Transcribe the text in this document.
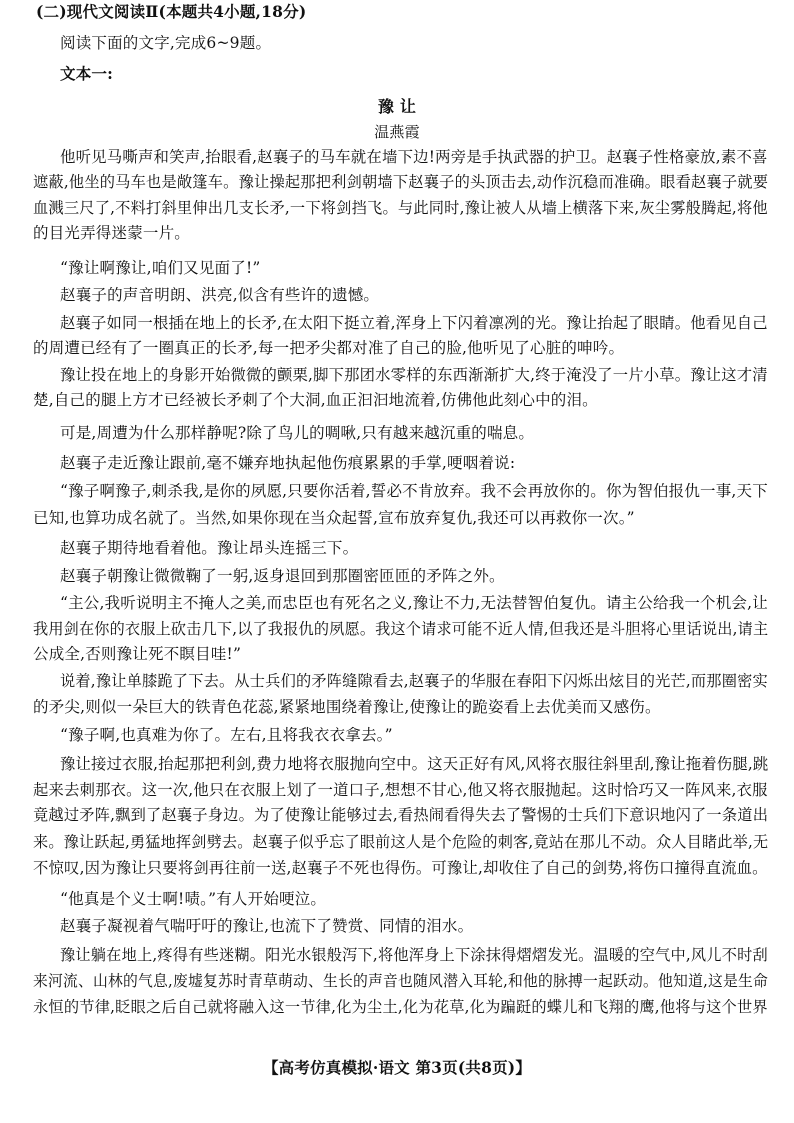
(二)现代文阅读Ⅱ(本题共4小题,18分)
阅读下面的文字,完成6~9题。
文本一:
豫 让
温燕霞
他听见马嘶声和笑声,抬眼看,赵襄子的马车就在墙下边!两旁是手执武器的护卫。赵襄子性格豪放,素不喜
遮蔽,他坐的马车也是敞篷车。豫让操起那把利剑朝墙下赵襄子的头顶击去,动作沉稳而准确。眼看赵襄子就要
血溅三尺了,不料打斜里伸出几支长矛,一下将剑挡飞。与此同时,豫让被人从墙上横落下来,灰尘雾般腾起,将他
的目光弄得迷蒙一片。
“豫让啊豫让,咱们又见面了!”
赵襄子的声音明朗、洪亮,似含有些许的遗憾。
赵襄子如同一根插在地上的长矛,在太阳下挺立着,浑身上下闪着凛冽的光。豫让抬起了眼睛。他看见自己
的周遭已经有了一圈真正的长矛,每一把矛尖都对准了自己的脸,他听见了心脏的呻吟。
豫让投在地上的身影开始微微的颤栗,脚下那团水零样的东西渐渐扩大,终于淹没了一片小草。豫让这才清
楚,自己的腿上方才已经被长矛刺了个大洞,血正汩汩地流着,仿佛他此刻心中的泪。
可是,周遭为什么那样静呢?除了鸟儿的啁啾,只有越来越沉重的喘息。
赵襄子走近豫让跟前,毫不嫌弃地执起他伤痕累累的手掌,哽咽着说:
“豫子啊豫子,刺杀我,是你的夙愿,只要你活着,誓必不肯放弃。我不会再放你的。你为智伯报仇一事,天下
已知,也算功成名就了。当然,如果你现在当众起誓,宣布放弃复仇,我还可以再救你一次。”
赵襄子期待地看着他。豫让昂头连摇三下。
赵襄子朝豫让微微鞠了一躬,返身退回到那圈密匝匝的矛阵之外。
“主公,我听说明主不掩人之美,而忠臣也有死名之义,豫让不力,无法替智伯复仇。请主公给我一个机会,让
我用剑在你的衣服上砍击几下,以了我报仇的夙愿。我这个请求可能不近人情,但我还是斗胆将心里话说出,请主
公成全,否则豫让死不瞑目哇!”
说着,豫让单膝跪了下去。从士兵们的矛阵缝隙看去,赵襄子的华服在春阳下闪烁出炫目的光芒,而那圈密实
的矛尖,则似一朵巨大的铁青色花蕊,紧紧地围绕着豫让,使豫让的跪姿看上去优美而又感伤。
“豫子啊,也真难为你了。左右,且将我衣衣拿去。”
豫让接过衣服,抬起那把利剑,费力地将衣服抛向空中。这天正好有风,风将衣服往斜里刮,豫让拖着伤腿,跳
起来去刺那衣。这一次,他只在衣服上划了一道口子,想想不甘心,他又将衣服抛起。这时恰巧又一阵风来,衣服
竟越过矛阵,飘到了赵襄子身边。为了使豫让能够过去,看热闹看得失去了警惕的士兵们下意识地闪了一条道出
来。豫让跃起,勇猛地挥剑劈去。赵襄子似乎忘了眼前这人是个危险的刺客,竟站在那儿不动。众人目睹此举,无
不惊叹,因为豫让只要将剑再往前一送,赵襄子不死也得伤。可豫让,却收住了自己的剑势,将伤口撞得直流血。
“他真是个义士啊!啧。”有人开始哽泣。
赵襄子凝视着气喘吁吁的豫让,也流下了赞赏、同情的泪水。
豫让躺在地上,疼得有些迷糊。阳光水银般泻下,将他浑身上下涂抹得熠熠发光。温暖的空气中,风儿不时刮
来河流、山林的气息,废墟复苏时青草萌动、生长的声音也随风潜入耳轮,和他的脉搏一起跃动。他知道,这是生命
永恒的节律,眨眼之后自己就将融入这一节律,化为尘土,化为花草,化为蹁跹的蝶儿和飞翔的鹰,他将与这个世界
【高考仿真模拟·语文 第3页(共8页)】
